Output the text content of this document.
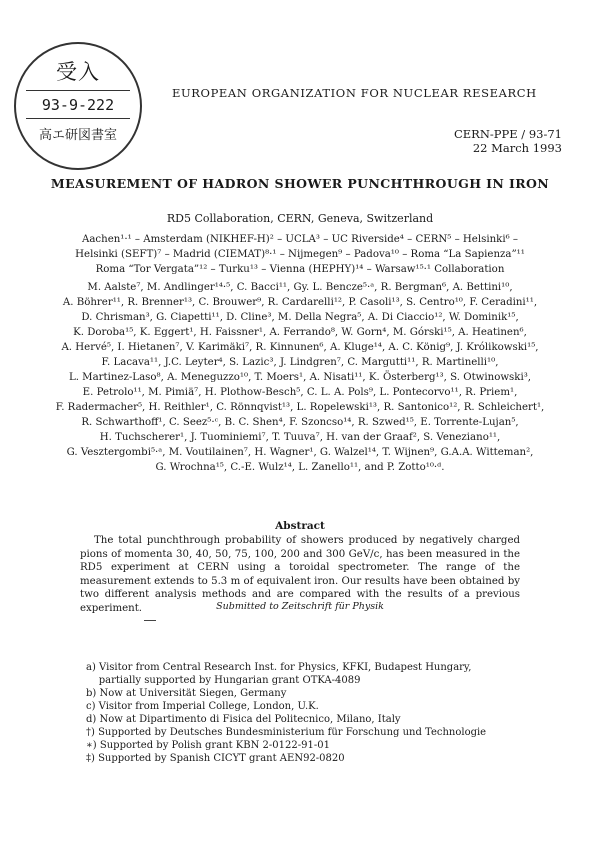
受入
93-9-222
高エ研図書室
EUROPEAN ORGANIZATION FOR NUCLEAR RESEARCH
CERN-PPE / 93-71
22 March 1993
MEASUREMENT OF HADRON SHOWER PUNCHTHROUGH IN IRON
RD5 Collaboration, CERN, Geneva, Switzerland
Aachen¹·¹ – Amsterdam (NIKHEF-H)² – UCLA³ – UC Riverside⁴ – CERN⁵ – Helsinki⁶ –
Helsinki (SEFT)⁷ – Madrid (CIEMAT)⁸·¹ – Nijmegen⁹ – Padova¹⁰ – Roma “La Sapienza”¹¹
Roma “Tor Vergata”¹² – Turku¹³ – Vienna (HEPHY)¹⁴ – Warsaw¹⁵·¹ Collaboration
M. Aalste⁷, M. Andlinger¹⁴·⁵, C. Bacci¹¹, Gy. L. Bencze⁵·ᵃ, R. Bergman⁶, A. Bettini¹⁰,
A. Böhrer¹¹, R. Brenner¹³, C. Brouwer⁹, R. Cardarelli¹², P. Casoli¹³, S. Centro¹⁰, F. Ceradini¹¹,
D. Chrisman³, G. Ciapetti¹¹, D. Cline³, M. Della Negra⁵, A. Di Ciaccio¹², W. Dominik¹⁵,
K. Doroba¹⁵, K. Eggert¹, H. Faissner¹, A. Ferrando⁸, W. Gorn⁴, M. Górski¹⁵, A. Heatinen⁶,
A. Hervé⁵, I. Hietanen⁷, V. Karimäki⁷, R. Kinnunen⁶, A. Kluge¹⁴, A. C. König⁹, J. Królikowski¹⁵,
F. Lacava¹¹, J.C. Leyter⁴, S. Lazic³, J. Lindgren⁷, C. Margutti¹¹, R. Martinelli¹⁰,
L. Martinez-Laso⁸, A. Meneguzzo¹⁰, T. Moers¹, A. Nisati¹¹, K. Österberg¹³, S. Otwinowski³,
E. Petrolo¹¹, M. Pimiä⁷, H. Plothow-Besch⁵, C. L. A. Pols⁹, L. Pontecorvo¹¹, R. Priem¹,
F. Radermacher⁵, H. Reithler¹, C. Rönnqvist¹³, L. Ropelewski¹³, R. Santonico¹², R. Schleichert¹,
R. Schwarthoff¹, C. Seez⁵·ᶜ, B. C. Shen⁴, F. Szoncso¹⁴, R. Szwed¹⁵, E. Torrente-Lujan⁵,
H. Tuchscherer¹, J. Tuominiemi⁷, T. Tuuva⁷, H. van der Graaf², S. Veneziano¹¹,
G. Vesztergombi⁵·ᵃ, M. Voutilainen⁷, H. Wagner¹, G. Walzel¹⁴, T. Wijnen⁹, G.A.A. Witteman²,
G. Wrochna¹⁵, C.-E. Wulz¹⁴, L. Zanello¹¹, and P. Zotto¹⁰·ᵈ.
Abstract
The total punchthrough probability of showers produced by negatively charged pions of momenta 30, 40, 50, 75, 100, 200 and 300 GeV/c, has been measured in the RD5 experiment at CERN using a toroidal spectrometer. The range of the measurement extends to 5.3 m of equivalent iron. Our results have been obtained by two different analysis methods and are compared with the results of a previous experiment.	Submitted to Zeitschrift für Physik
a) Visitor from Central Research Inst. for Physics, KFKI, Budapest Hungary,
partially supported by Hungarian grant OTKA-4089
b) Now at Universität Siegen, Germany
c) Visitor from Imperial College, London, U.K.
d) Now at Dipartimento di Fisica del Politecnico, Milano, Italy
†) Supported by Deutsches Bundesministerium für Forschung und Technologie
∗) Supported by Polish grant KBN 2-0122-91-01
‡) Supported by Spanish CICYT grant AEN92-0820
